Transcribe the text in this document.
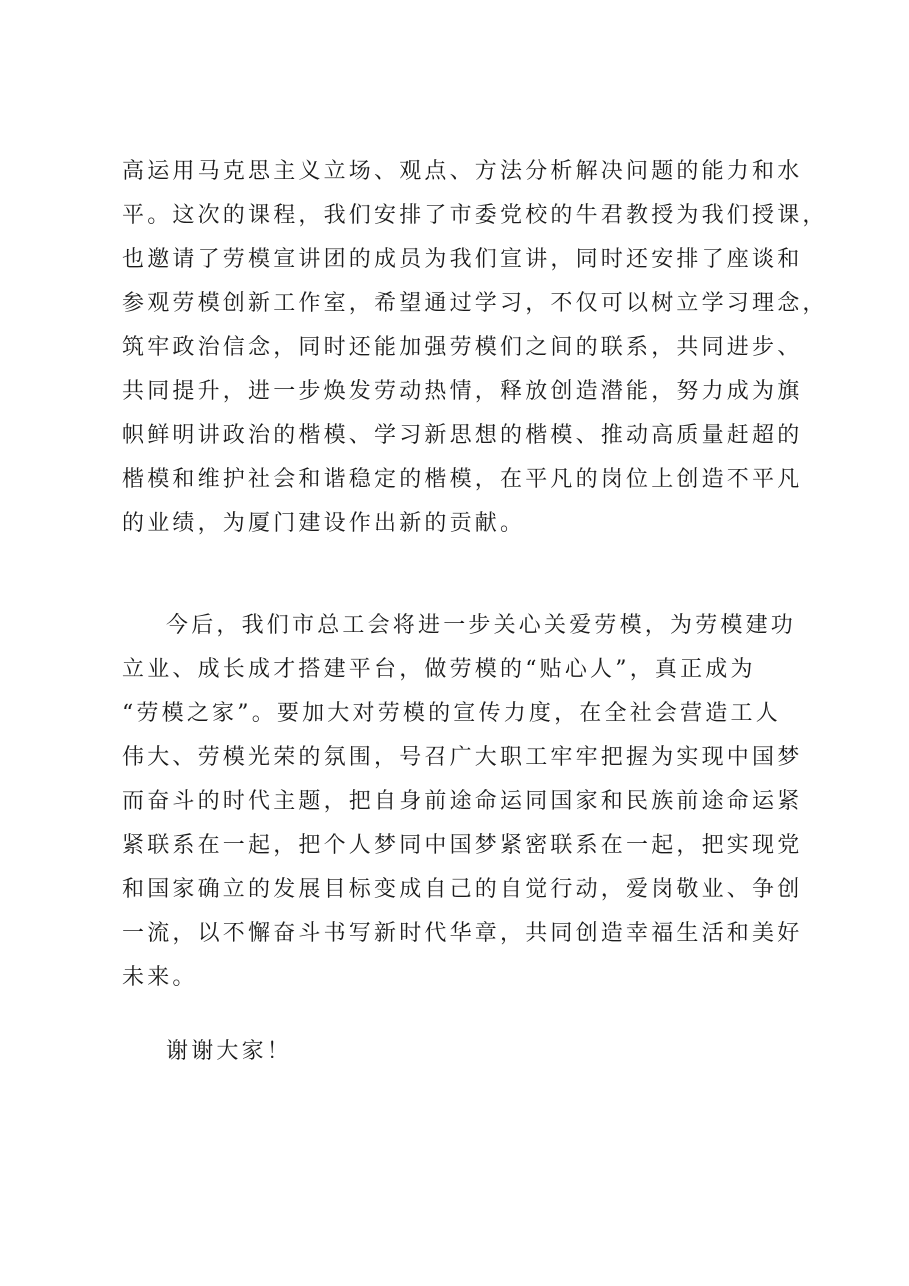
高运用马克思主义立场、观点、方法分析解决问题的能力和水
平。这次的课程，我们安排了市委党校的牛君教授为我们授课，
也邀请了劳模宣讲团的成员为我们宣讲，同时还安排了座谈和
参观劳模创新工作室，希望通过学习，不仅可以树立学习理念，
筑牢政治信念，同时还能加强劳模们之间的联系，共同进步、
共同提升，进一步焕发劳动热情，释放创造潜能，努力成为旗
帜鲜明讲政治的楷模、学习新思想的楷模、推动高质量赶超的
楷模和维护社会和谐稳定的楷模，在平凡的岗位上创造不平凡
的业绩，为厦门建设作出新的贡献。
今后，我们市总工会将进一步关心关爱劳模，为劳模建功
立业、成长成才搭建平台，做劳模的“贴心人”，真正成为
“劳模之家”。要加大对劳模的宣传力度，在全社会营造工人
伟大、劳模光荣的氛围，号召广大职工牢牢把握为实现中国梦
而奋斗的时代主题，把自身前途命运同国家和民族前途命运紧
紧联系在一起，把个人梦同中国梦紧密联系在一起，把实现党
和国家确立的发展目标变成自己的自觉行动，爱岗敬业、争创
一流，以不懈奋斗书写新时代华章，共同创造幸福生活和美好
未来。
谢谢大家！
